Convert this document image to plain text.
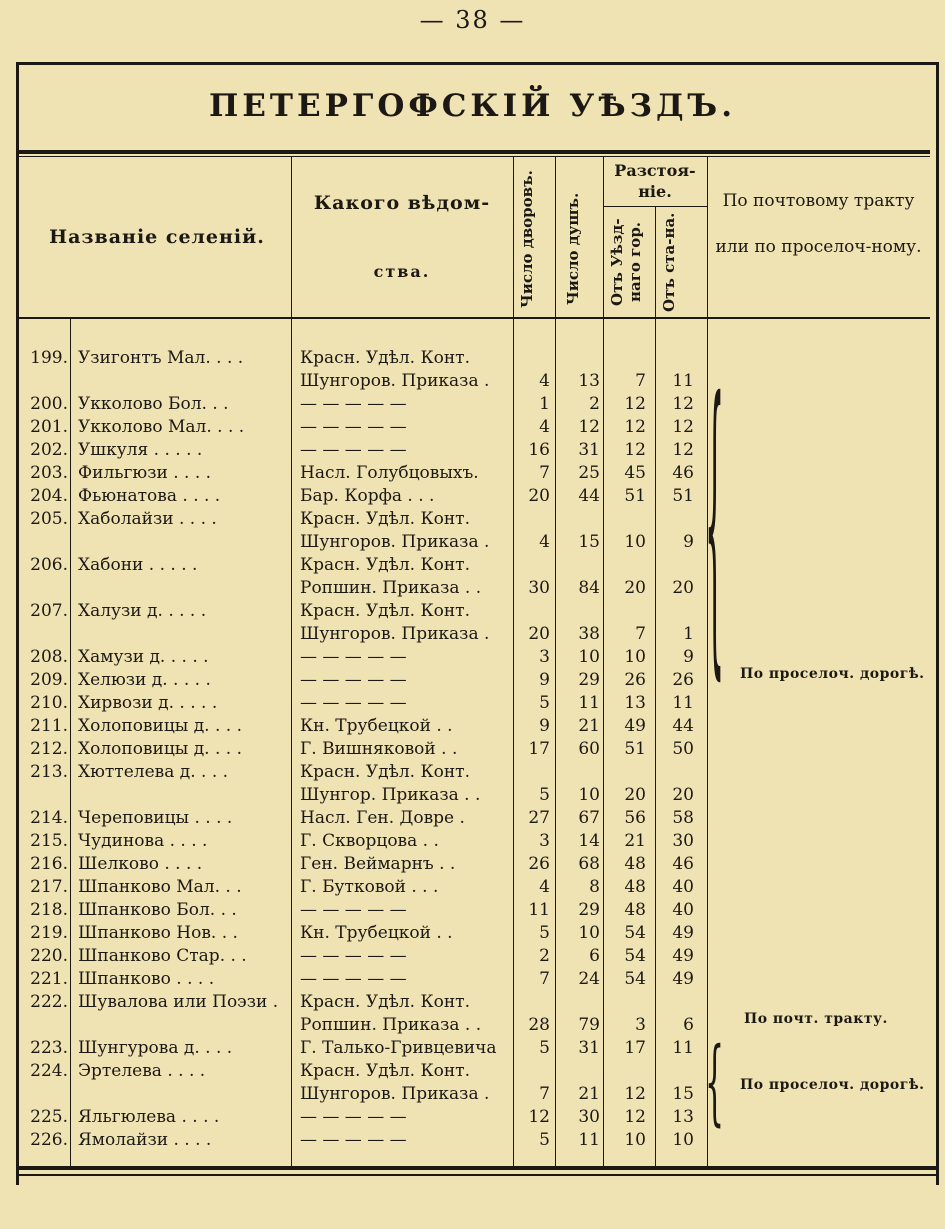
— 38 —
ПЕТЕРГОФСКІЙ УѢЗДЪ.
Названіе селеній.
Какого вѣдом-
ства.	Число дворовъ.	Число душъ.
Разстоя-ніе.
Отъ Уѣзд-наго гор.	Отъ ста-на.
По почтовому тракту или по проселоч-ному.
199. Узигонтъ Мал. . . .	Красн. Удѣл. Конт.
Шунгоров. Приказа .	4	13	7	11
200. Укколово Бол. . .	— — — — —	1	2	12	12
201. Укколово Мал. . . .	— — — — —	4	12	12	12
202. Ушкуля . . . . .	— — — — —	16	31	12	12
203. Фильгюзи . . . .	Насл. Голубцовыхъ.	7	25	45	46
204. Фьюнатова . . . .	Бар. Корфа . . .	20	44	51	51
205. Хаболайзи . . . .	Красн. Удѣл. Конт.
Шунгоров. Приказа .	4	15	10	9
206. Хабони . . . . .	Красн. Удѣл. Конт.
Ропшин. Приказа . .	30	84	20	20
207. Халузи д. . . . .	Красн. Удѣл. Конт.
Шунгоров. Приказа .	20	38	7	1
208. Хамузи д. . . . .	— — — — —	3	10	10	9
209. Хелюзи д. . . . .	— — — — —	9	29	26	26
210. Хирвози д. . . . .	— — — — —	5	11	13	11
211. Холоповицы д. . . .	Кн. Трубецкой . .	9	21	49	44
212. Холоповицы д. . . .	Г. Вишняковой . .	17	60	51	50
213. Хюттелева д. . . .	Красн. Удѣл. Конт.
Шунгор. Приказа . .	5	10	20	20
214. Череповицы . . . .	Насл. Ген. Довре .	27	67	56	58
215. Чудинова . . . .	Г. Скворцова . .	3	14	21	30
216. Шелково . . . .	Ген. Веймарнъ . .	26	68	48	46
217. Шпанково Мал. . .	Г. Бутковой . . .	4	8	48	40
218. Шпанково Бол. . .	— — — — —	11	29	48	40
219. Шпанково Нов. . .	Кн. Трубецкой . .	5	10	54	49
220. Шпанково Стар. . .	— — — — —	2	6	54	49
221. Шпанково . . . .	— — — — —	7	24	54	49
222. Шувалова или Поэзи .	Красн. Удѣл. Конт.
Ропшин. Приказа . .	28	79	3	6
223. Шунгурова д. . . .	Г. Талько-Гривцевича	5	31	17	11
224. Эртелева . . . .	Красн. Удѣл. Конт.
Шунгоров. Приказа .	7	21	12	15
225. Яльгюлева . . . .	— — — — —	12	30	12	13
226. Ямолайзи . . . .	— — — — —	5	11	10	10
{
{
По проселоч. дорогѣ.
По почт. тракту.
По проселоч. дорогѣ.
